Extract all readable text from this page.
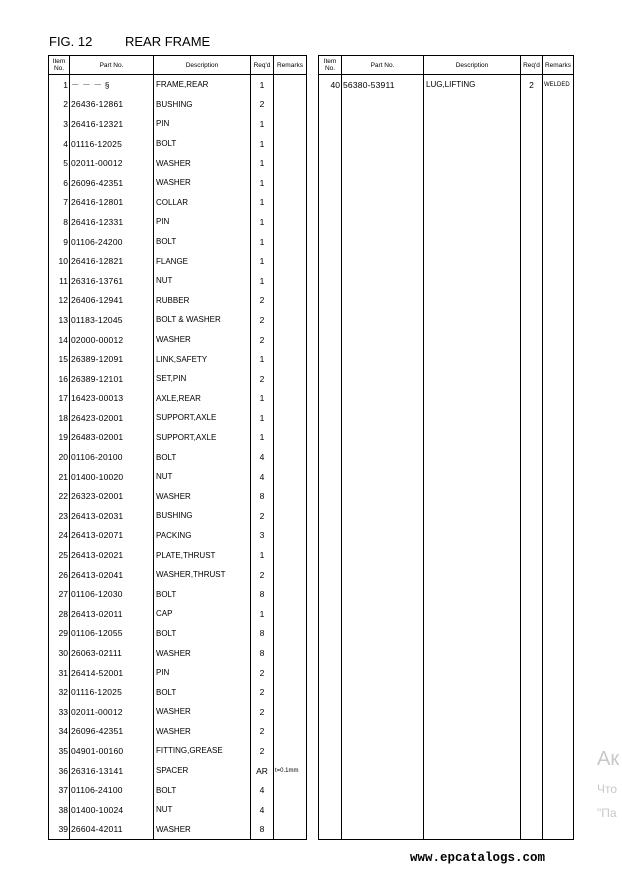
FIG. 12	REAR FRAME
Item No.	Part No.	Description	Req'd	Remarks
1	－ － － §	FRAME,REAR	1	
2	26436-12861	BUSHING	2	
3	26416-12321	PIN	1	
4	01116-12025	BOLT	1	
5	02011-00012	WASHER	1	
6	26096-42351	WASHER	1	
7	26416-12801	COLLAR	1	
8	26416-12331	PIN	1	
9	01106-24200	BOLT	1	
10	26416-12821	FLANGE	1	
11	26316-13761	NUT	1	
12	26406-12941	RUBBER	2	
13	01183-12045	BOLT & WASHER	2	
14	02000-00012	WASHER	2	
15	26389-12091	LINK,SAFETY	1	
16	26389-12101	SET,PIN	2	
17	16423-00013	AXLE,REAR	1	
18	26423-02001	SUPPORT,AXLE	1	
19	26483-02001	SUPPORT,AXLE	1	
20	01106-20100	BOLT	4	
21	01400-10020	NUT	4	
22	26323-02001	WASHER	8	
23	26413-02031	BUSHING	2	
24	26413-02071	PACKING	3	
25	26413-02021	PLATE,THRUST	1	
26	26413-02041	WASHER,THRUST	2	
27	01106-12030	BOLT	8	
28	26413-02011	CAP	1	
29	01106-12055	BOLT	8	
30	26063-02111	WASHER	8	
31	26414-52001	PIN	2	
32	01116-12025	BOLT	2	
33	02011-00012	WASHER	2	
34	26096-42351	WASHER	2	
35	04901-00160	FITTING,GREASE	2	
36	26316-13141	SPACER	AR	t=0.1mm
37	01106-24100	BOLT	4	
38	01400-10024	NUT	4	
39	26604-42011	WASHER	8	
Item No.	Part No.	Description	Req'd	Remarks
40	56380-53911	LUG,LIFTING	2	WELDED

Ак
Что
"Па
www.epcatalogs.com
